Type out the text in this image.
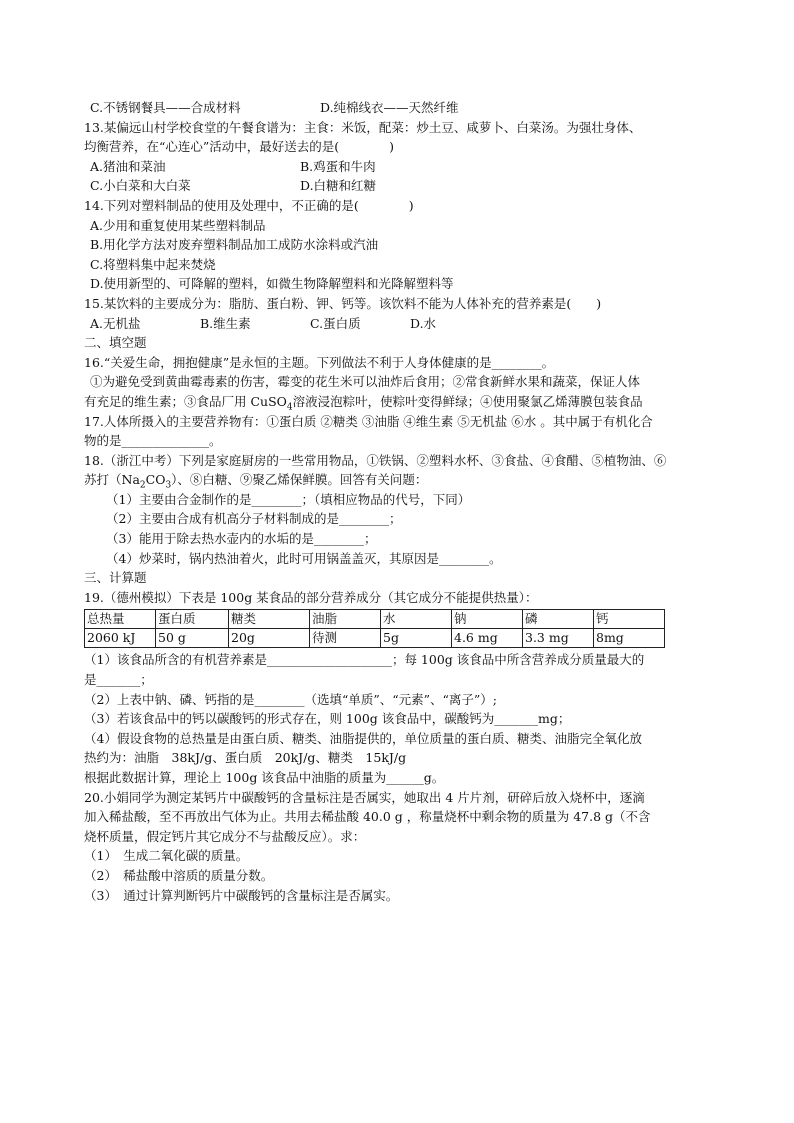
C.不锈钢餐具——合成材料	D.纯棉线衣——天然纤维
13.某偏远山村学校食堂的午餐食谱为：主食：米饭，配菜：炒土豆、咸萝卜、白菜汤。为强壮身体、
均衡营养，在“心连心”活动中，最好送去的是(　　　　)
A.猪油和菜油	B.鸡蛋和牛肉
C.小白菜和大白菜	D.白糖和红糖
14.下列对塑料制品的使用及处理中，不正确的是(　　　　)
A.少用和重复使用某些塑料制品
B.用化学方法对废弃塑料制品加工成防水涂料或汽油
C.将塑料集中起来焚烧
D.使用新型的、可降解的塑料，如微生物降解塑料和光降解塑料等
15.某饮料的主要成分为：脂肪、蛋白粉、钾、钙等。该饮料不能为人体补充的营养素是(　　)
A.无机盐	B.维生素	C.蛋白质	D.水
二、填空题
16.“关爱生命，拥抱健康”是永恒的主题。下列做法不利于人身体健康的是________。
①为避免受到黄曲霉毒素的伤害，霉变的花生米可以油炸后食用；②常食新鲜水果和蔬菜，保证人体
有充足的维生素；③食品厂用 CuSO$_4$溶液浸泡粽叶，使粽叶变得鲜绿；④使用聚氯乙烯薄膜包装食品
17.人体所摄入的主要营养物有：①蛋白质 ②糖类 ③油脂 ④维生素 ⑤无机盐 ⑥水 。其中属于有机化合
物的是______________。
18.（浙江中考）下列是家庭厨房的一些常用物品，①铁锅、②塑料水杯、③食盐、④食醋、⑤植物油、⑥
苏打$(Na_2CO_3)$、⑧白糖、⑨聚乙烯保鲜膜。回答有关问题：
（1）主要由合金制作的是________；（填相应物品的代号，下同）
（2）主要由合成有机高分子材料制成的是________；
（3）能用于除去热水壶内的水垢的是________；
（4）炒菜时，锅内热油着火，此时可用锅盖盖灭，其原因是________。
三、计算题
19.（德州模拟）下表是 100g 某食品的部分营养成分（其它成分不能提供热量）：
总热量	蛋白质	糖类	油脂	水	钠	磷	钙
2060 kJ	50 g	20g	待测	5g	4.6 mg	3.3 mg	8mg
（1）该食品所含的有机营养素是____________________；每 100g 该食品中所含营养成分质量最大的
是_______；
（2）上表中钠、磷、钙指的是________（选填“单质”、“元素”、“离子”）;
（3）若该食品中的钙以碳酸钙的形式存在，则 100g 该食品中，碳酸钙为_______mg；
（4）假设食物的总热量是由蛋白质、糖类、油脂提供的，单位质量的蛋白质、糖类、油脂完全氧化放
热约为：油脂　38kJ/g、蛋白质　20kJ/g、糖类　15kJ/g
根据此数据计算，理论上 100g 该食品中油脂的质量为______g。
20.小娟同学为测定某钙片中碳酸钙的含量标注是否属实，她取出 4 片片剂，研碎后放入烧杯中，逐滴
加入稀盐酸，至不再放出气体为止。共用去稀盐酸 40.0 g ，称量烧杯中剩余物的质量为 47.8 g（不含
烧杯质量，假定钙片其它成分不与盐酸反应）。求：
（1）　生成二氧化碳的质量。
（2）　稀盐酸中溶质的质量分数。
（3）　通过计算判断钙片中碳酸钙的含量标注是否属实。
